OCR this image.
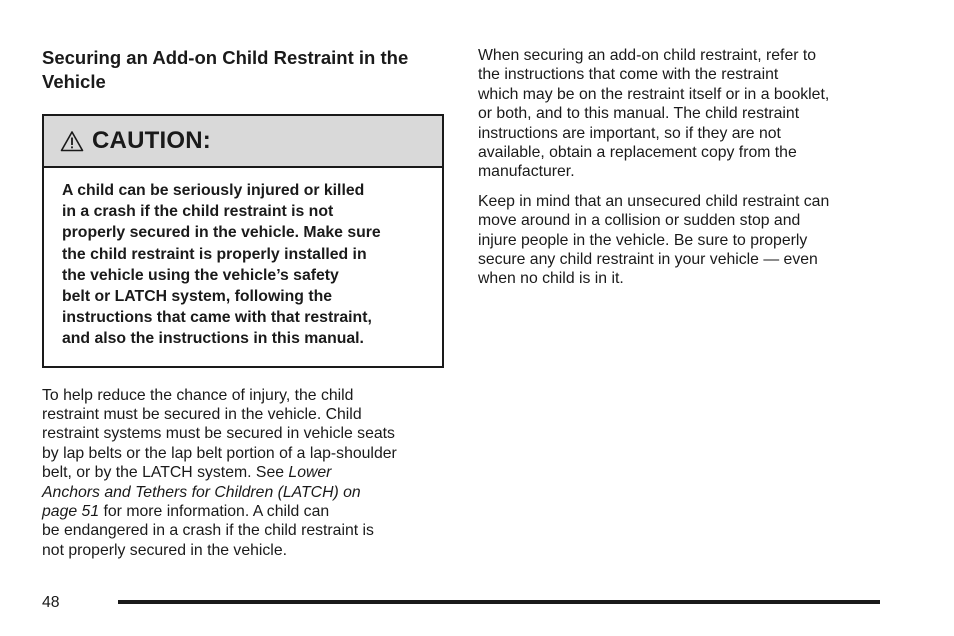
Securing an Add-on Child Restraint in the Vehicle
CAUTION:
A child can be seriously injured or killed
in a crash if the child restraint is not
properly secured in the vehicle. Make sure
the child restraint is properly installed in
the vehicle using the vehicle’s safety
belt or LATCH system, following the
instructions that came with that restraint,
and also the instructions in this manual.
To help reduce the chance of injury, the child
restraint must be secured in the vehicle. Child
restraint systems must be secured in vehicle seats
by lap belts or the lap belt portion of a lap-shoulder
belt, or by the LATCH system. See Lower
Anchors and Tethers for Children (LATCH) on
page 51 for more information. A child can
be endangered in a crash if the child restraint is
not properly secured in the vehicle.
When securing an add-on child restraint, refer to
the instructions that come with the restraint
which may be on the restraint itself or in a booklet,
or both, and to this manual. The child restraint
instructions are important, so if they are not
available, obtain a replacement copy from the
manufacturer.
Keep in mind that an unsecured child restraint can
move around in a collision or sudden stop and
injure people in the vehicle. Be sure to properly
secure any child restraint in your vehicle — even
when no child is in it.
48
